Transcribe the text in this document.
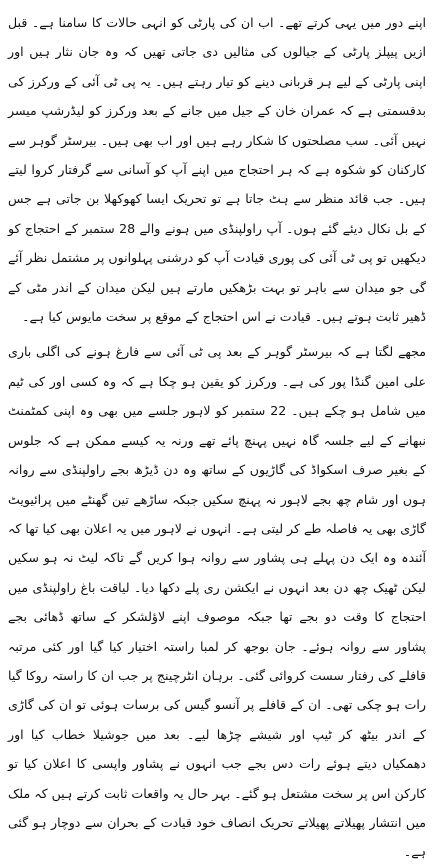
اپنے دور میں یہی کرتے تھے۔ اب ان کی پارٹی کو انہی حالات کا سامنا ہے۔ قبل ازیں پیپلز پارٹی کے جیالوں کی مثالیں دی جاتی تھیں کہ وہ جان نثار ہیں اور اپنی پارٹی کے لیے ہر قربانی دینے کو تیار رہتے ہیں۔ یہ پی ٹی آئی کے ورکرز کی بدقسمتی ہے کہ عمران خان کے جیل میں جانے کے بعد ورکرز کو لیڈرشپ میسر نہیں آئی۔ سب مصلحتوں کا شکار رہے ہیں اور اب بھی ہیں۔ بیرسٹر گوہر سے کارکنان کو شکوہ ہے کہ ہر احتجاج میں اپنے آپ کو آسانی سے گرفتار کروا لیتے ہیں۔ جب قائد منظر سے ہٹ جاتا ہے تو تحریک ایسا کھوکھلا بن جاتی ہے جس کے بل نکال دیئے گئے ہوں۔ آپ راولپنڈی میں ہونے والے 28 ستمبر کے احتجاج کو دیکھیں تو پی ٹی آئی کی پوری قیادت آپ کو درشنی پہلوانوں پر مشتمل نظر آئے گی جو میدان سے باہر تو بہت بڑھکیں مارتے ہیں لیکن میدان کے اندر مٹی کے ڈھیر ثابت ہوتے ہیں۔ قیادت نے اس احتجاج کے موقع پر سخت مایوس کیا ہے۔

مجھے لگتا ہے کہ بیرسٹر گوہر کے بعد پی ٹی آئی سے فارغ ہونے کی اگلی باری علی امین گنڈا پور کی ہے۔ ورکرز کو یقین ہو چکا ہے کہ وہ کسی اور کی ٹیم میں شامل ہو چکے ہیں۔ 22 ستمبر کو لاہور جلسے میں بھی وہ اپنی کمٹمنٹ نبھانے کے لیے جلسہ گاہ نہیں پہنچ پائے تھے ورنہ یہ کیسے ممکن ہے کہ جلوس کے بغیر صرف اسکواڈ کی گاڑیوں کے ساتھ وہ دن ڈیڑھ بجے راولپنڈی سے روانہ ہوں اور شام چھ بجے لاہور نہ پہنچ سکیں جبکہ ساڑھے تین گھنٹے میں پرائیویٹ گاڑی بھی یہ فاصلہ طے کر لیتی ہے۔ انہوں نے لاہور میں یہ اعلان بھی کیا تھا کہ آئندہ وہ ایک دن پہلے ہی پشاور سے روانہ ہوا کریں گے تاکہ لیٹ نہ ہو سکیں لیکن ٹھیک چھ دن بعد انہوں نے ایکشن ری پلے دکھا دیا۔ لیاقت باغ راولپنڈی میں احتجاج کا وقت دو بجے تھا جبکہ موصوف اپنے لاؤلشکر کے ساتھ ڈھائی بجے پشاور سے روانہ ہوئے۔ جان بوجھ کر لمبا راستہ اختیار کیا گیا اور کئی مرتبہ قافلے کی رفتار سست کروائی گئی۔ برہان انٹرچینج پر جب ان کا راستہ روکا گیا رات ہو چکی تھی۔ ان کے قافلے پر آنسو گیس کی برسات ہوئی تو ان کی گاڑی کے اندر بیٹھ کر ٹیپ اور شیشے چڑھا لیے۔ بعد میں جوشیلا خطاب کیا اور دھمکیاں دیتے ہوئے رات دس بجے جب انہوں نے پشاور واپسی کا اعلان کیا تو کارکن اس پر سخت مشتعل ہو گئے۔ بہر حال یہ واقعات ثابت کرتے ہیں کہ ملک میں انتشار پھیلاتے پھیلاتے تحریک انصاف خود قیادت کے بحران سے دوچار ہو گئی ہے۔
